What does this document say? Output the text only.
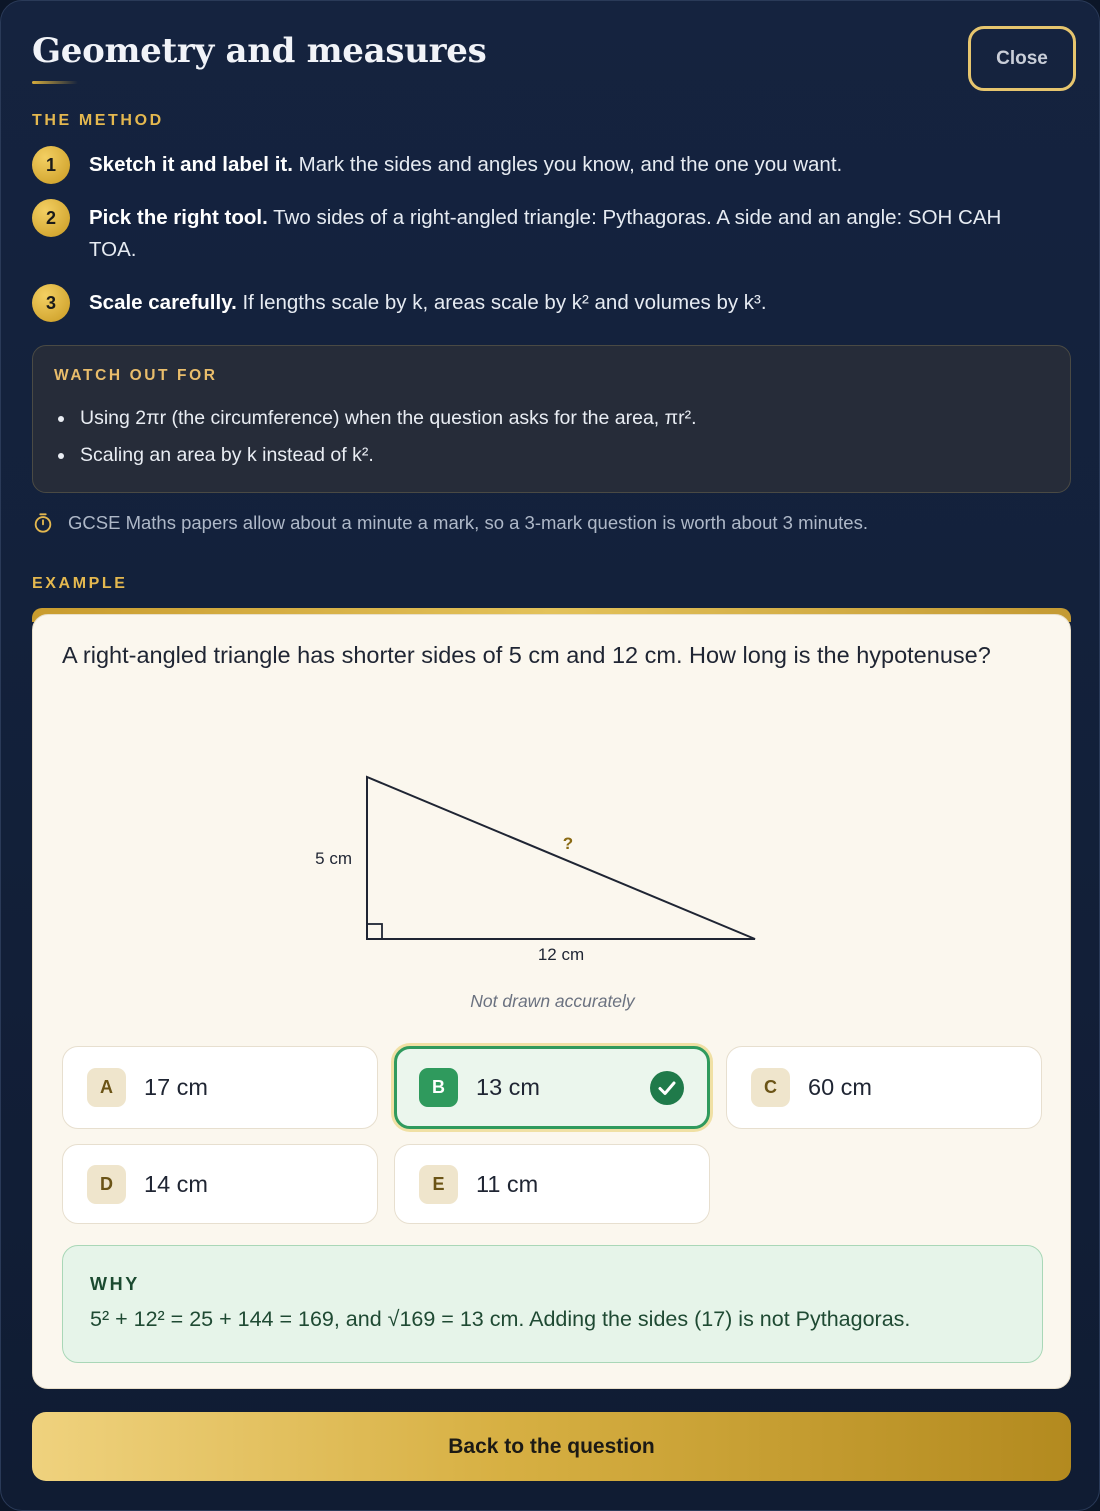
Geometry and measures	Close
THE METHOD
1	Sketch it and label it. Mark the sides and angles you know, and the one you want.
2	Pick the right tool. Two sides of a right-angled triangle: Pythagoras. A side and an angle: SOH CAH TOA.
3	Scale carefully. If lengths scale by k, areas scale by k² and volumes by k³.
WATCH OUT FOR
Using 2πr (the circumference) when the question asks for the area, πr².
Scaling an area by k instead of k².
GCSE Maths papers allow about a minute a mark, so a 3-mark question is worth about 3 minutes.
EXAMPLE
A right-angled triangle has shorter sides of 5 cm and 12 cm. How long is the hypotenuse?
5 cm
12 cm
?
Not drawn accurately
A	17 cm	B	13 cm	C	60 cm
D	14 cm	E	11 cm
WHY
5² + 12² = 25 + 144 = 169, and √169 = 13 cm. Adding the sides (17) is not Pythagoras.
Back to the question
